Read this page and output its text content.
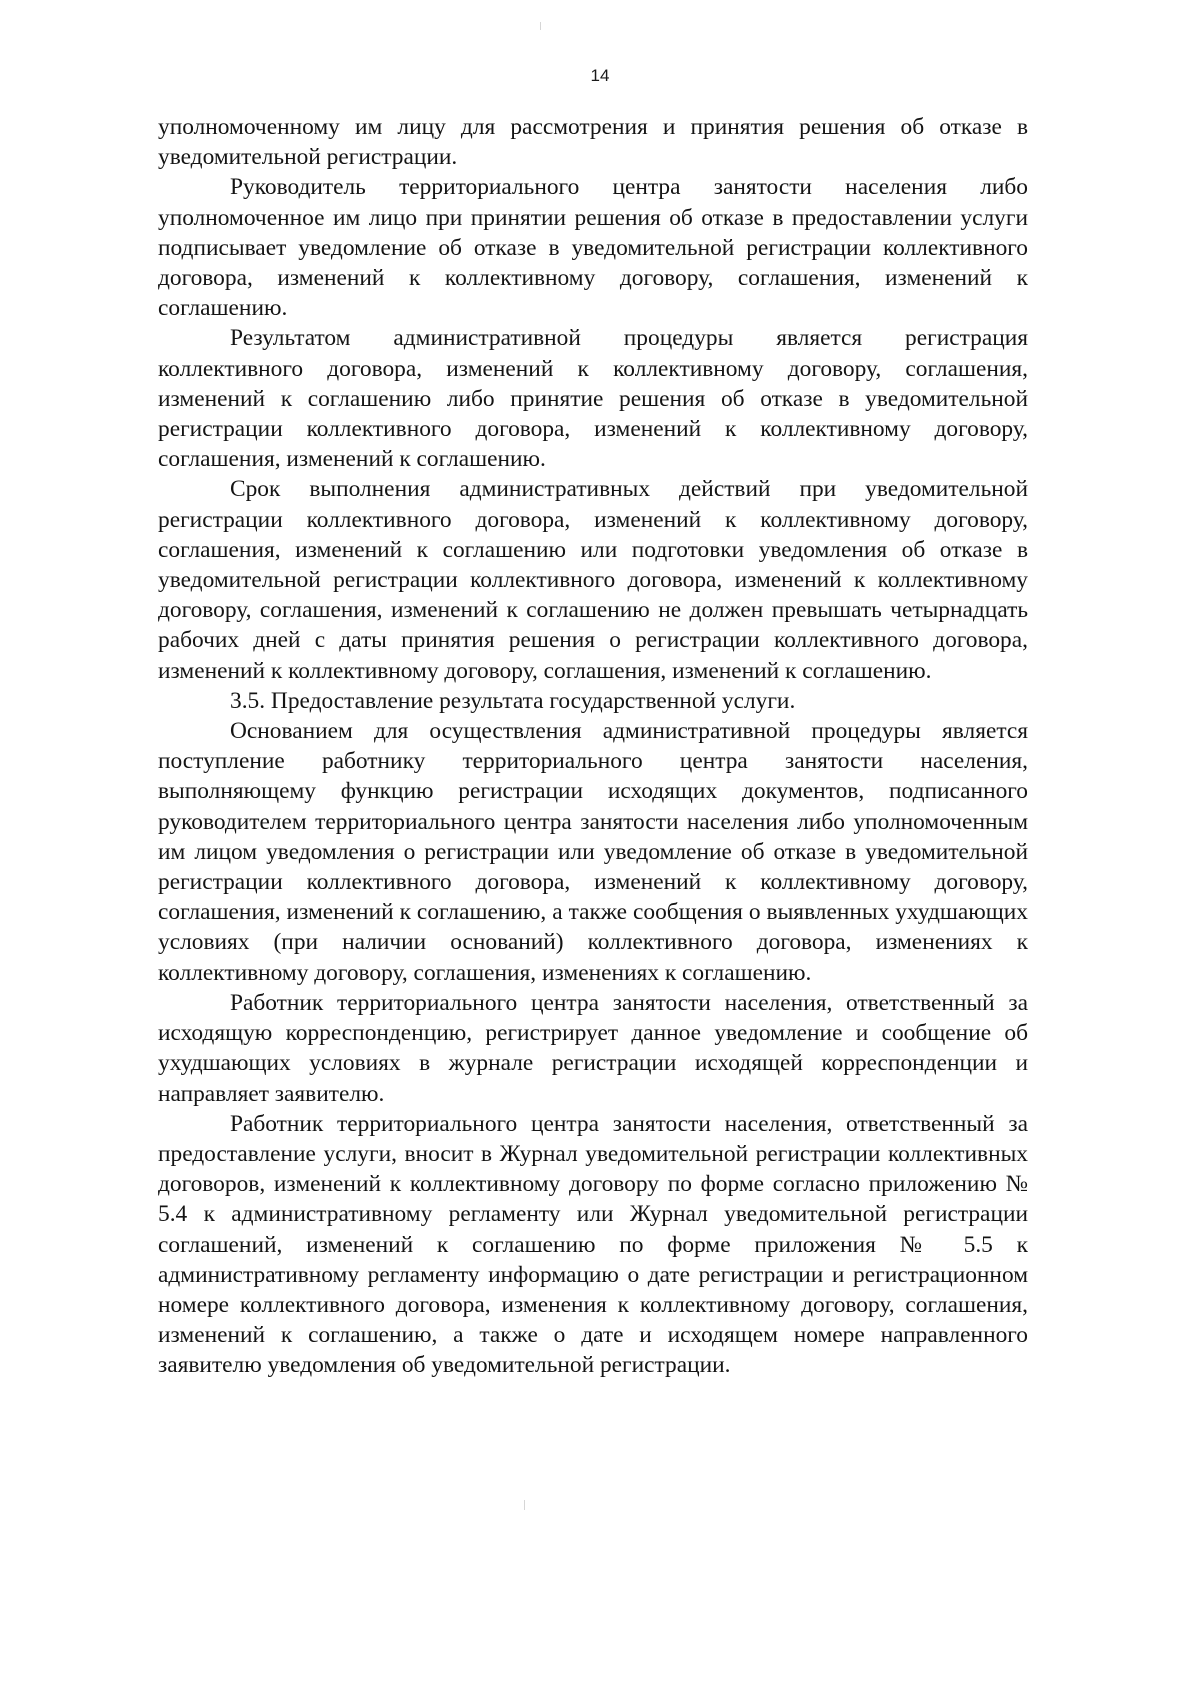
14

уполномоченному им лицу для рассмотрения и принятия решения об отказе в уведомительной регистрации.

Руководитель территориального центра занятости населения либо уполномоченное им лицо при принятии решения об отказе в предоставлении услуги подписывает уведомление об отказе в уведомительной регистрации коллективного договора, изменений к коллективному договору, соглашения, изменений к соглашению.

Результатом административной процедуры является регистрация коллективного договора, изменений к коллективному договору, соглашения, изменений к соглашению либо принятие решения об отказе в уведомительной регистрации коллективного договора, изменений к коллективному договору, соглашения, изменений к соглашению.

Срок выполнения административных действий при уведомительной регистрации коллективного договора, изменений к коллективному договору, соглашения, изменений к соглашению или подготовки уведомления об отказе в уведомительной регистрации коллективного договора, изменений к коллективному договору, соглашения, изменений к соглашению не должен превышать четырнадцать рабочих дней с даты принятия решения о регистрации коллективного договора, изменений к коллективному договору, соглашения, изменений к соглашению.

3.5. Предоставление результата государственной услуги.

Основанием для осуществления административной процедуры является поступление работнику территориального центра занятости населения, выполняющему функцию регистрации исходящих документов, подписанного руководителем территориального центра занятости населения либо уполномоченным им лицом уведомления о регистрации или уведомление об отказе в уведомительной регистрации коллективного договора, изменений к коллективному договору, соглашения, изменений к соглашению, а также сообщения о выявленных ухудшающих условиях (при наличии оснований) коллективного договора, изменениях к коллективному договору, соглашения, изменениях к соглашению.

Работник территориального центра занятости населения, ответственный за исходящую корреспонденцию, регистрирует данное уведомление и сообщение об ухудшающих условиях в журнале регистрации исходящей корреспонденции и направляет заявителю.

Работник территориального центра занятости населения, ответственный за предоставление услуги, вносит в Журнал уведомительной регистрации коллективных договоров, изменений к коллективному договору по форме согласно приложению № 5.4 к административному регламенту или Журнал уведомительной регистрации соглашений, изменений к соглашению по форме приложения № 5.5 к административному регламенту информацию о дате регистрации и регистрационном номере коллективного договора, изменения к коллективному договору, соглашения, изменений к соглашению, а также о дате и исходящем номере направленного заявителю уведомления об уведомительной регистрации.
